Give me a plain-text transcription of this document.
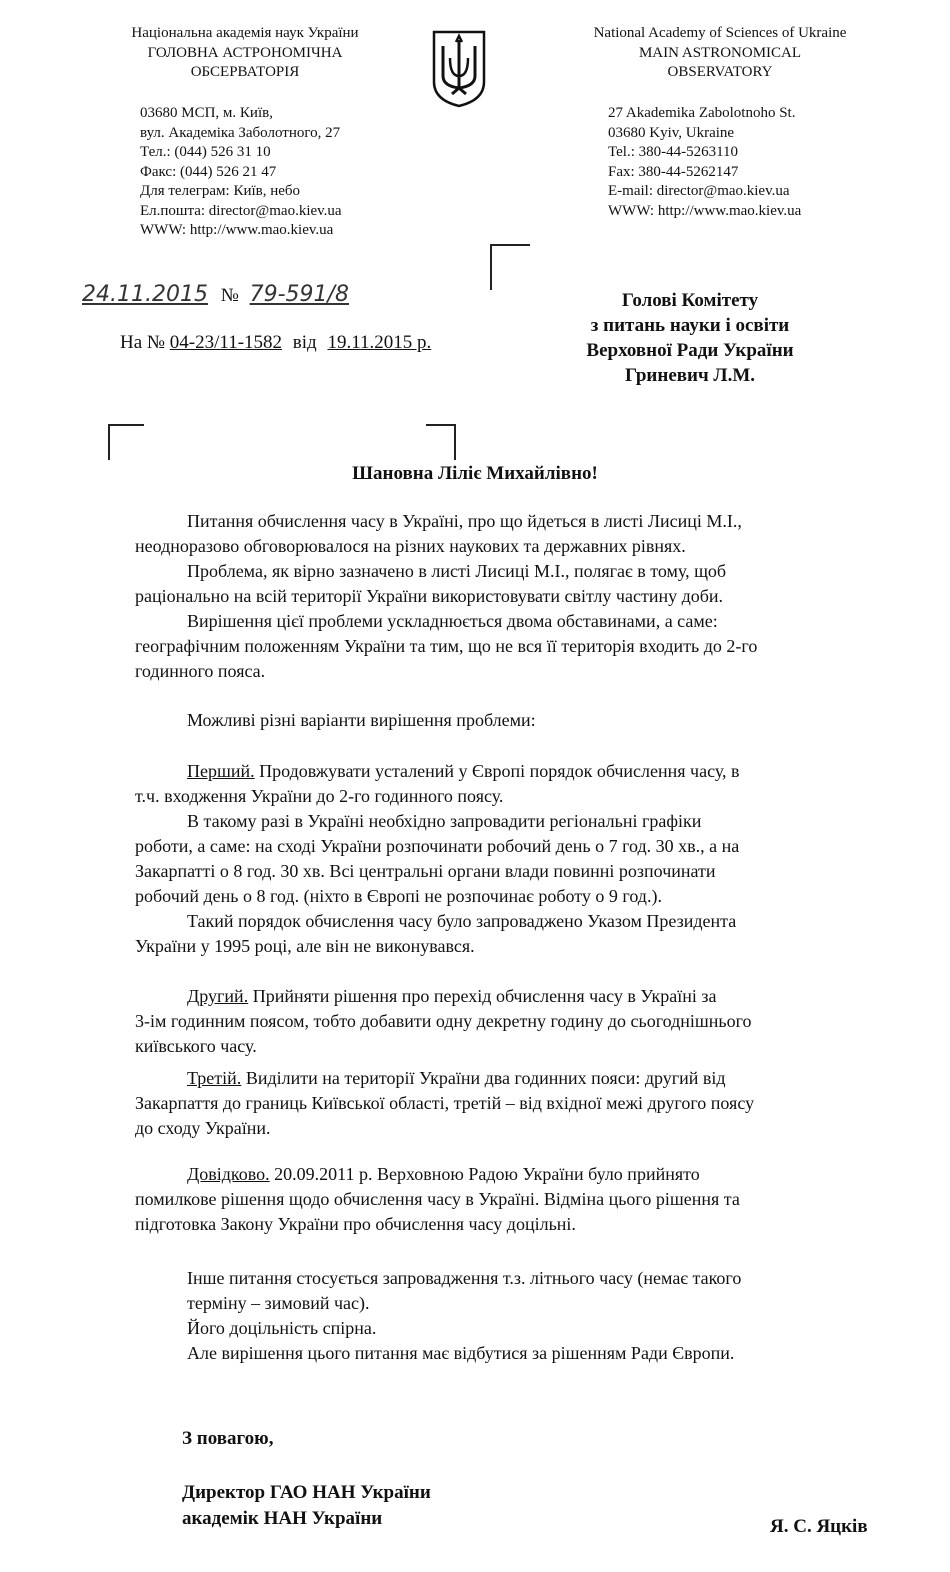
Національна академія наук України
ГОЛОВНА АСТРОНОМІЧНА
ОБСЕРВАТОРІЯ
03680 МСП, м. Київ,
вул. Академіка Заболотного, 27
Тел.: (044) 526 31 10
Факс: (044) 526 21 47
Для телеграм: Київ, небо
Ел.пошта: director@mao.kiev.ua
WWW: http://www.mao.kiev.ua
National Academy of Sciences of Ukraine
MAIN ASTRONOMICAL
OBSERVATORY
27 Akademika Zabolotnoho St.
03680 Kyiv, Ukraine
Tel.: 380-44-5263110
Fax: 380-44-5262147
E-mail: director@mao.kiev.ua
WWW: http://www.mao.kiev.ua
24.11.2015 № 79-591/8
На № 04-23/11-1582 від 19.11.2015 р.
Голові Комітету
з питань науки і освіти
Верховної Ради України
Гриневич Л.М.
Шановна Ліліє Михайлівно!
Питання обчислення часу в Україні, про що йдеться в листі Лисиці М.І.,
неодноразово обговорювалося на різних наукових та державних рівнях.
Проблема, як вірно зазначено в листі Лисиці М.І., полягає в тому, щоб
раціонально на всій території України використовувати світлу частину доби.
Вирішення цієї проблеми ускладнюється двома обставинами, а саме:
географічним положенням України та тим, що не вся її територія входить до 2-го
годинного пояса.
Можливі різні варіанти вирішення проблеми:
Перший. Продовжувати усталений у Європі порядок обчислення часу, в
т.ч. входження України до 2-го годинного поясу.
В такому разі в Україні необхідно запровадити регіональні графіки
роботи, а саме: на сході України розпочинати робочий день о 7 год. 30 хв., а на
Закарпатті о 8 год. 30 хв. Всі центральні органи влади повинні розпочинати
робочий день о 8 год. (ніхто в Європі не розпочинає роботу о 9 год.).
Такий порядок обчислення часу було запроваджено Указом Президента
України у 1995 році, але він не виконувався.
Другий. Прийняти рішення про перехід обчислення часу в Україні за
3-ім годинним поясом, тобто добавити одну декретну годину до сьогоднішнього
київського часу.
Третій. Виділити на території України два годинних пояси: другий від
Закарпаття до границь Київської області, третій – від вхідної межі другого поясу
до сходу України.
Довідково. 20.09.2011 р. Верховною Радою України було прийнято
помилкове рішення щодо обчислення часу в Україні. Відміна цього рішення та
підготовка Закону України про обчислення часу доцільні.
Інше питання стосується запровадження т.з. літнього часу (немає такого
терміну – зимовий час).
Його доцільність спірна.
Але вирішення цього питання має відбутися за рішенням Ради Європи.
З повагою,
Директор ГАО НАН України
академік НАН України	Я. С. Яцків
